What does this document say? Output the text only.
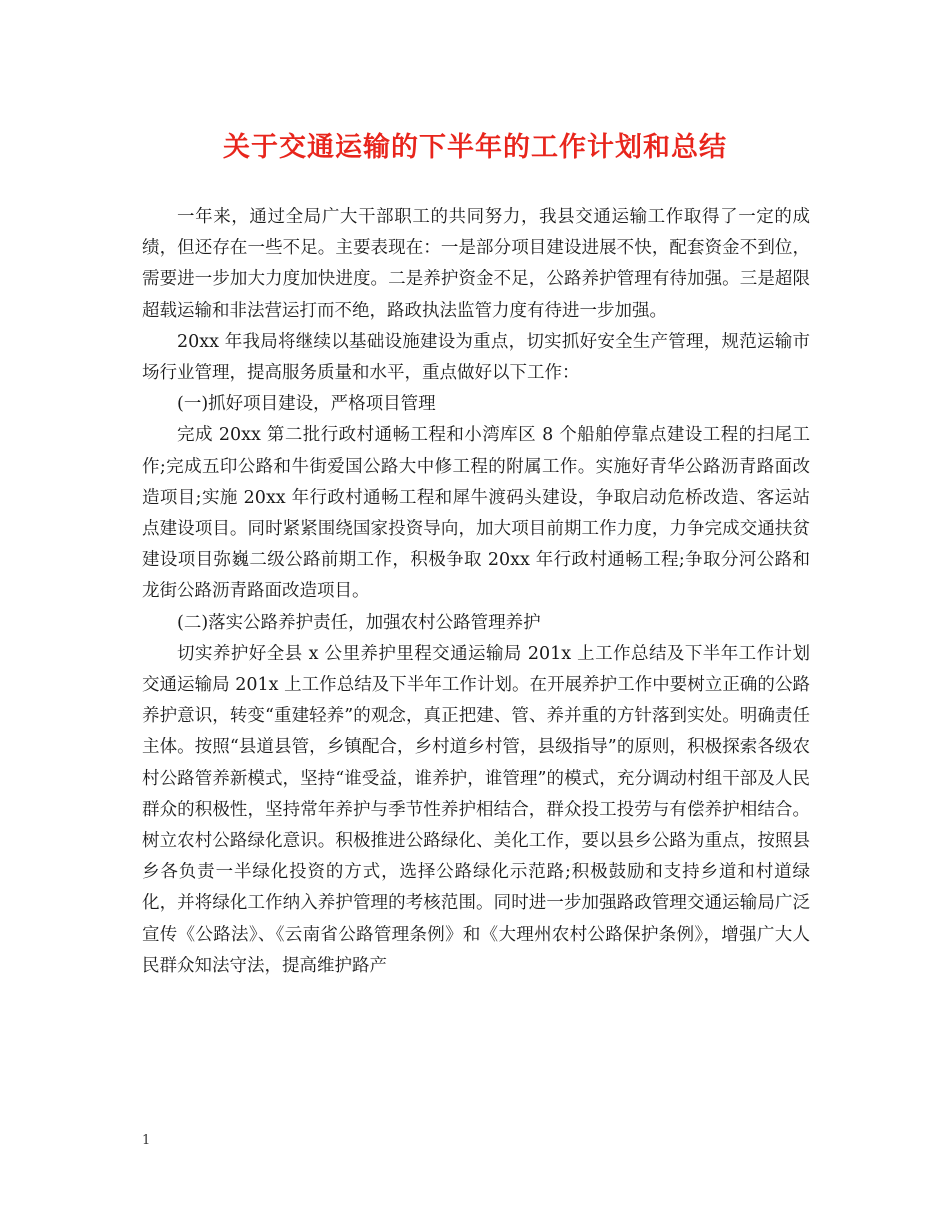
关于交通运输的下半年的工作计划和总结

一年来，通过全局广大干部职工的共同努力，我县交通运输工作取得了一定的成绩，但还存在一些不足。主要表现在：一是部分项目建设进展不快，配套资金不到位，需要进一步加大力度加快进度。二是养护资金不足，公路养护管理有待加强。三是超限超载运输和非法营运打而不绝，路政执法监管力度有待进一步加强。

20xx 年我局将继续以基础设施建设为重点，切实抓好安全生产管理，规范运输市场行业管理，提高服务质量和水平，重点做好以下工作：

(一)抓好项目建设，严格项目管理

完成 20xx 第二批行政村通畅工程和小湾库区 8 个船舶停靠点建设工程的扫尾工作;完成五印公路和牛街爱国公路大中修工程的附属工作。实施好青华公路沥青路面改造项目;实施 20xx 年行政村通畅工程和犀牛渡码头建设，争取启动危桥改造、客运站点建设项目。同时紧紧围绕国家投资导向，加大项目前期工作力度，力争完成交通扶贫建设项目弥巍二级公路前期工作，积极争取 20xx 年行政村通畅工程;争取分河公路和龙街公路沥青路面改造项目。

(二)落实公路养护责任，加强农村公路管理养护

切实养护好全县 x 公里养护里程交通运输局 201x 上工作总结及下半年工作计划交通运输局 201x 上工作总结及下半年工作计划。在开展养护工作中要树立正确的公路养护意识，转变“重建轻养”的观念，真正把建、管、养并重的方针落到实处。明确责任主体。按照“县道县管，乡镇配合，乡村道乡村管，县级指导”的原则，积极探索各级农村公路管养新模式，坚持“谁受益，谁养护，谁管理”的模式，充分调动村组干部及人民群众的积极性，坚持常年养护与季节性养护相结合，群众投工投劳与有偿养护相结合。树立农村公路绿化意识。积极推进公路绿化、美化工作，要以县乡公路为重点，按照县乡各负责一半绿化投资的方式，选择公路绿化示范路;积极鼓励和支持乡道和村道绿化，并将绿化工作纳入养护管理的考核范围。同时进一步加强路政管理交通运输局广泛宣传《公路法》、《云南省公路管理条例》和《大理州农村公路保护条例》，增强广大人民群众知法守法，提高维护路产

1
